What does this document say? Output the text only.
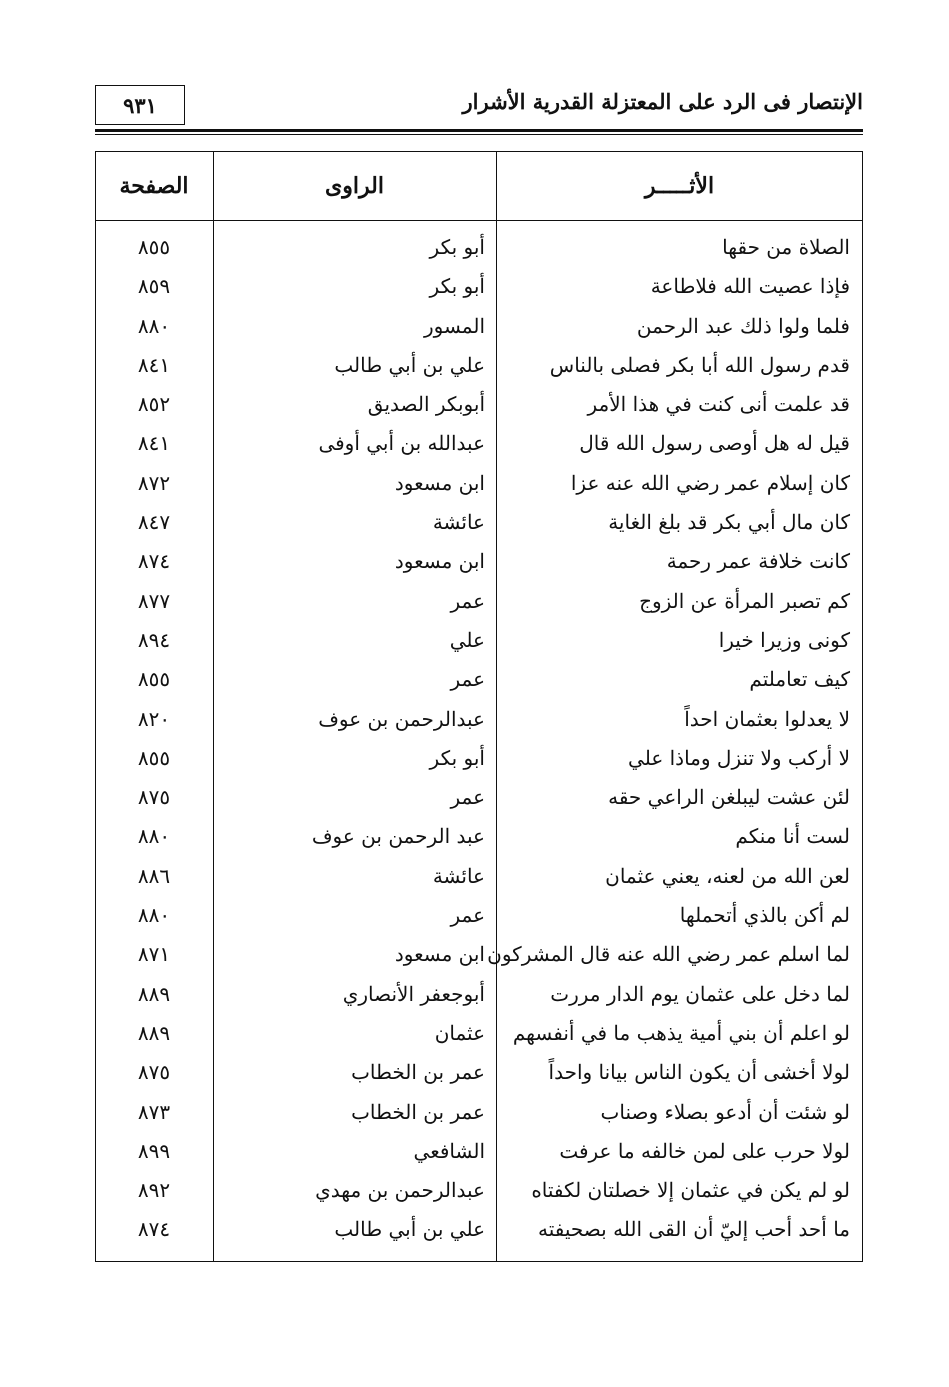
٩٣١	الإنتصار فى الرد على المعتزلة القدرية الأشرار
الأثـــــر
الراوى
الصفحة
الصلاة من حقها
أبو بكر
٨٥٥
فإذا عصيت الله فلاطاعة
أبو بكر
٨٥٩
فلما ولوا ذلك عبد الرحمن
المسور
٨٨٠
قدم رسول الله أبا بكر فصلى بالناس
علي بن أبي طالب
٨٤١
قد علمت أنى كنت في هذا الأمر
أبوبكر الصديق
٨٥٢
قيل له هل أوصى رسول الله قال
عبدالله بن أبي أوفى
٨٤١
كان إسلام عمر رضي الله عنه عزا
ابن مسعود
٨٧٢
كان مال أبي بكر قد بلغ الغاية
عائشة
٨٤٧
كانت خلافة عمر رحمة
ابن مسعود
٨٧٤
كم تصبر المرأة عن الزوج
عمر
٨٧٧
كونى وزيرا خيرا
علي
٨٩٤
كيف تعاملتم
عمر
٨٥٥
لا يعدلوا بعثمان احداً
عبدالرحمن بن عوف
٨٢٠
لا أركب ولا تنزل وماذا علي
أبو بكر
٨٥٥
لئن عشت ليبلغن الراعي حقه
عمر
٨٧٥
لست أنا منكم
عبد الرحمن بن عوف
٨٨٠
لعن الله من لعنه، يعني عثمان
عائشة
٨٨٦
لم أكن بالذي أتحملها
عمر
٨٨٠
لما اسلم عمر رضي الله عنه قال المشركون
ابن مسعود
٨٧١
لما دخل على عثمان يوم الدار مررت
أبوجعفر الأنصاري
٨٨٩
لو اعلم أن بني أمية يذهب ما في أنفسهم
عثمان
٨٨٩
لولا أخشى أن يكون الناس بيانا واحداً
عمر بن الخطاب
٨٧٥
لو شئت أن أدعو بصلاء وصناب
عمر بن الخطاب
٨٧٣
لولا حرب على لمن خالفه ما عرفت
الشافعي
٨٩٩
لو لم يكن في عثمان إلا خصلتان لكفتاه
عبدالرحمن بن مهدي
٨٩٢
ما أحد أحب إليّ أن القى الله بصحيفته
علي بن أبي طالب
٨٧٤
